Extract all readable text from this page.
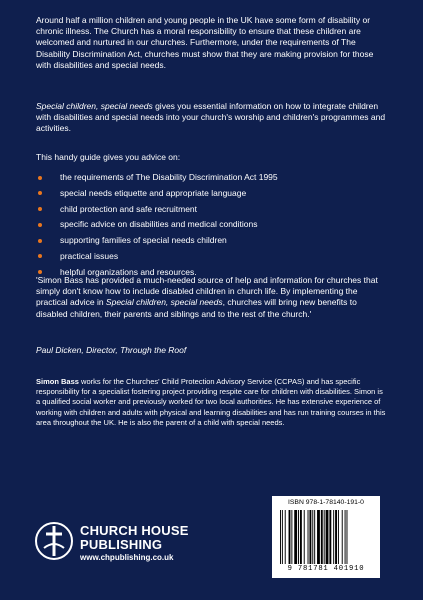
Around half a million children and young people in the UK have some form of disability or chronic illness. The Church has a moral responsibility to ensure that these children are welcomed and nurtured in our churches. Furthermore, under the requirements of The Disability Discrimination Act, churches must show that they are making provision for those with disabilities and special needs.
Special children, special needs gives you essential information on how to integrate children with disabilities and special needs into your church's worship and children's programmes and activities.
This handy guide gives you advice on:
the requirements of The Disability Discrimination Act 1995
special needs etiquette and appropriate language
child protection and safe recruitment
specific advice on disabilities and medical conditions
supporting families of special needs children
practical issues
helpful organizations and resources.
'Simon Bass has provided a much-needed source of help and information for churches that simply don't know how to include disabled children in church life. By implementing the practical advice in Special children, special needs, churches will bring new benefits to disabled children, their parents and siblings and to the rest of the church.'
Paul Dicken, Director, Through the Roof
Simon Bass works for the Churches' Child Protection Advisory Service (CCPAS) and has specific responsibility for a specialist fostering project providing respite care for children with disabilities. Simon is a qualified social worker and previously worked for two local authorities. He has extensive experience of working with children and adults with physical and learning disabilities and has run training courses in this area throughout the UK. He is also the parent of a child with special needs.
CHURCH HOUSE
PUBLISHING
www.chpublishing.co.uk
ISBN 978-1-78140-191-0
9 781781 401910
